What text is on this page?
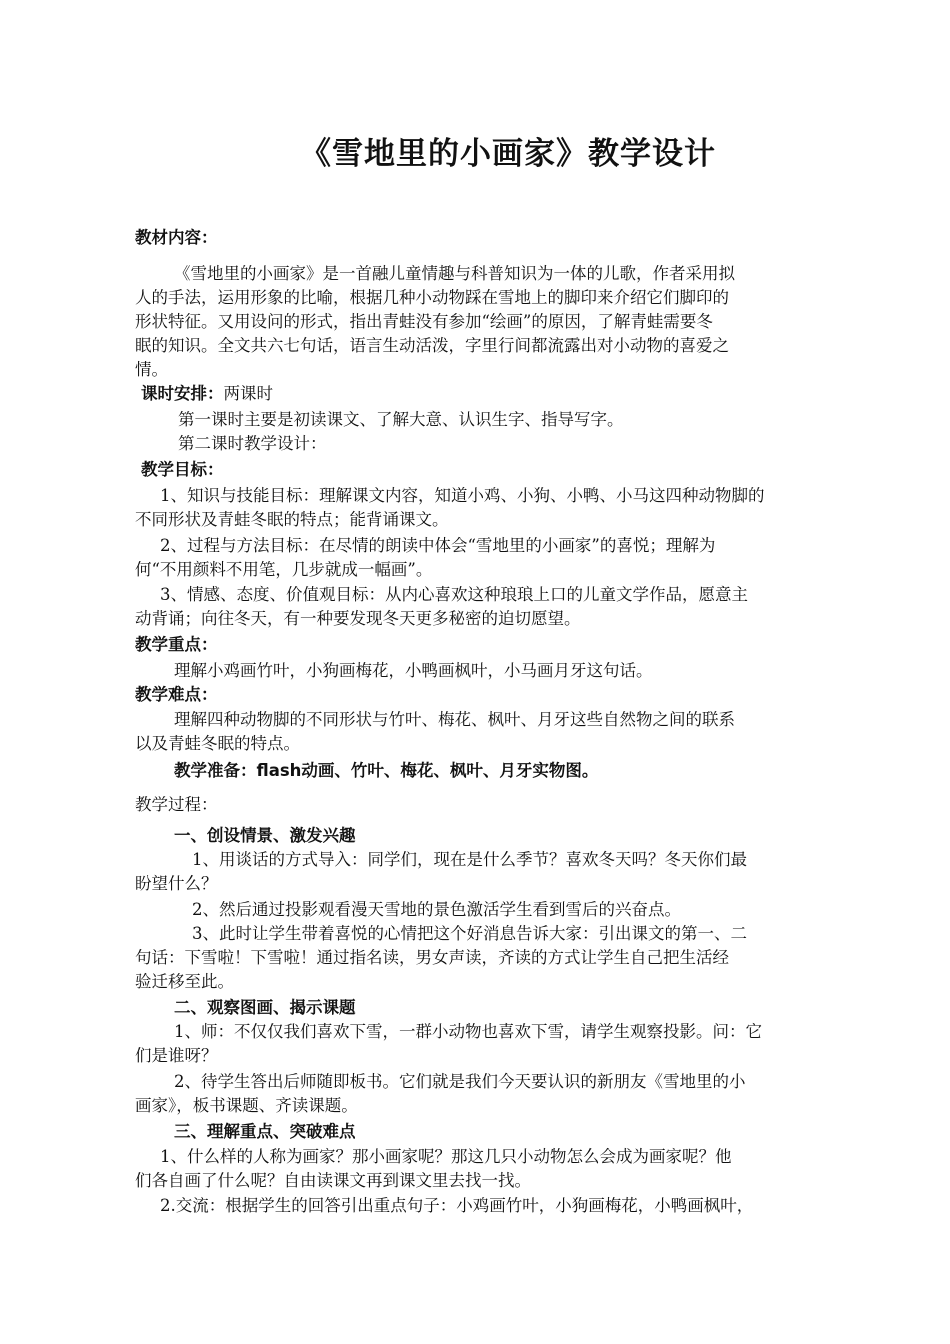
《雪地里的小画家》教学设计
教材内容：
《雪地里的小画家》是一首融儿童情趣与科普知识为一体的儿歌，作者采用拟
人的手法，运用形象的比喻，根据几种小动物踩在雪地上的脚印来介绍它们脚印的
形状特征。又用设问的形式，指出青蛙没有参加“绘画”的原因，了解青蛙需要冬
眠的知识。全文共六七句话，语言生动活泼，字里行间都流露出对小动物的喜爱之
情。
课时安排：两课时
第一课时主要是初读课文、了解大意、认识生字、指导写字。
第二课时教学设计：
教学目标：
1、知识与技能目标：理解课文内容，知道小鸡、小狗、小鸭、小马这四种动物脚的
不同形状及青蛙冬眠的特点；能背诵课文。
2、过程与方法目标：在尽情的朗读中体会“雪地里的小画家”的喜悦；理解为
何“不用颜料不用笔，几步就成一幅画”。
3、情感、态度、价值观目标：从内心喜欢这种琅琅上口的儿童文学作品，愿意主
动背诵；向往冬天，有一种要发现冬天更多秘密的迫切愿望。
教学重点：
理解小鸡画竹叶，小狗画梅花，小鸭画枫叶，小马画月牙这句话。
教学难点：
理解四种动物脚的不同形状与竹叶、梅花、枫叶、月牙这些自然物之间的联系
以及青蛙冬眠的特点。
教学准备：flash动画、竹叶、梅花、枫叶、月牙实物图。
教学过程：
一、创设情景、激发兴趣
1、用谈话的方式导入：同学们，现在是什么季节？喜欢冬天吗？冬天你们最
盼望什么？
2、然后通过投影观看漫天雪地的景色激活学生看到雪后的兴奋点。
3、此时让学生带着喜悦的心情把这个好消息告诉大家：引出课文的第一、二
句话：下雪啦！下雪啦！通过指名读，男女声读，齐读的方式让学生自己把生活经
验迁移至此。
二、观察图画、揭示课题
1、师：不仅仅我们喜欢下雪，一群小动物也喜欢下雪，请学生观察投影。问：它
们是谁呀？
2、待学生答出后师随即板书。它们就是我们今天要认识的新朋友《雪地里的小
画家》，板书课题、齐读课题。
三、理解重点、突破难点
1、什么样的人称为画家？那小画家呢？那这几只小动物怎么会成为画家呢？他
们各自画了什么呢？自由读课文再到课文里去找一找。
2.交流：根据学生的回答引出重点句子：小鸡画竹叶，小狗画梅花，小鸭画枫叶，
